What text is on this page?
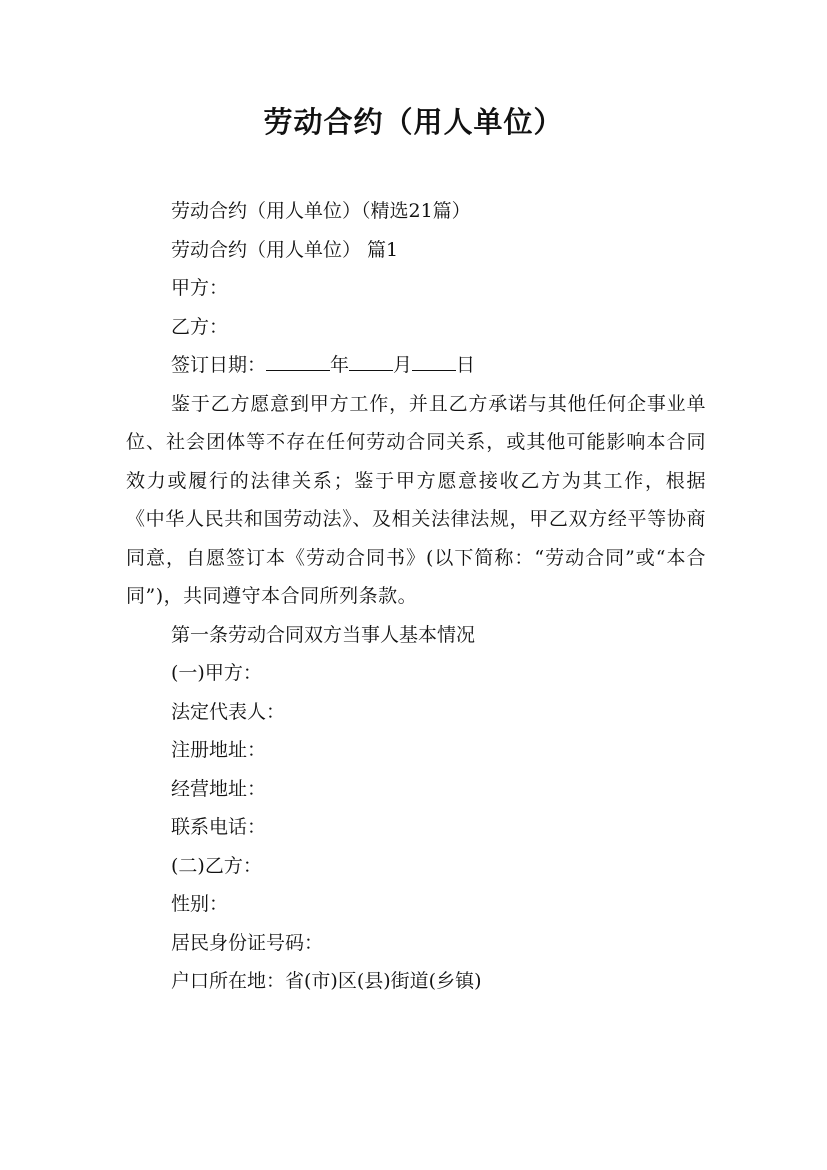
劳动合约（用人单位）
劳动合约（用人单位）（精选21篇）
劳动合约（用人单位） 篇1
甲方：
乙方：
签订日期：	年 月 日
鉴于乙方愿意到甲方工作，并且乙方承诺与其他任何企事业单位、社会团体等不存在任何劳动合同关系，或其他可能影响本合同效力或履行的法律关系；鉴于甲方愿意接收乙方为其工作，根据《中华人民共和国劳动法》、及相关法律法规，甲乙双方经平等协商同意，自愿签订本《劳动合同书》(以下简称：“劳动合同”或“本合同”)，共同遵守本合同所列条款。
第一条劳动合同双方当事人基本情况
(一)甲方：
法定代表人：
注册地址：
经营地址：
联系电话：
(二)乙方：
性别：
居民身份证号码：
户口所在地：省(市)区(县)街道(乡镇)
